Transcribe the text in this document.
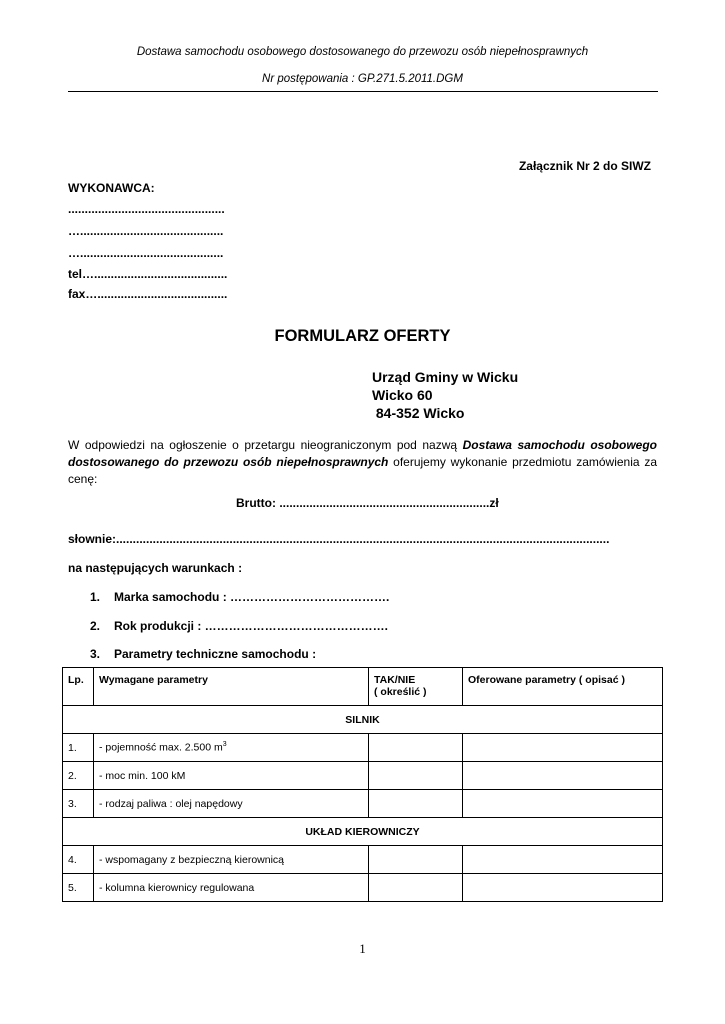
Dostawa samochodu osobowego dostosowanego do przewozu osób niepełnosprawnych
Nr postępowania : GP.271.5.2011.DGM
Załącznik Nr 2 do SIWZ
WYKONAWCA:
...............................................
…...........................................
…...........................................
tel…........................................
fax….......................................
FORMULARZ OFERTY
Urząd Gminy w Wicku
Wicko 60
84-352 Wicko
W odpowiedzi na ogłoszenie o przetargu nieograniczonym pod nazwą Dostawa samochodu osobowego dostosowanego do przewozu osób niepełnosprawnych oferujemy wykonanie przedmiotu zamówienia za cenę:
Brutto: ...............................................................zł
słownie:....................................................................................................................................................
na następujących warunkach :
1. Marka samochodu : ………………………………….
2. Rok produkcji : ……………………………………….
3. Parametry techniczne samochodu :
Lp.	Wymagane parametry	TAK/NIE
( określić )	Oferowane parametry ( opisać )
SILNIK			
1.	- pojemność max. 2.500 $m^3$		
2.	- moc min. 100 kM		
3.	- rodzaj paliwa : olej napędowy		
UKŁAD KIEROWNICZY			
4.	- wspomagany z bezpieczną kierownicą		
5.	- kolumna kierownicy regulowana		
1
